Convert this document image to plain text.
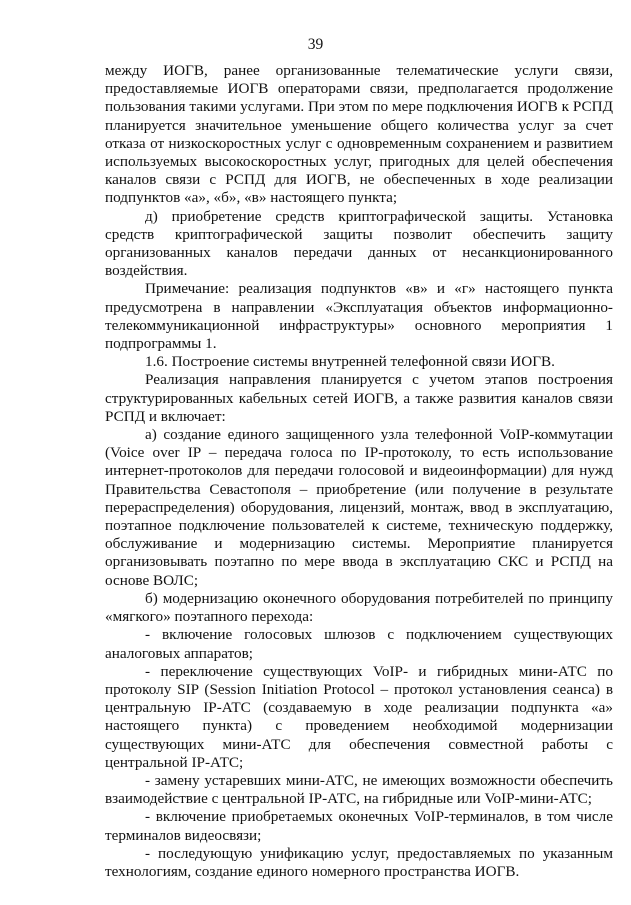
39

между ИОГВ, ранее организованные телематические услуги связи, предоставляемые ИОГВ операторами связи, предполагается продолжение пользования такими услугами. При этом по мере подключения ИОГВ к РСПД планируется значительное уменьшение общего количества услуг за счет отказа от низкоскоростных услуг с одновременным сохранением и развитием используемых высокоскоростных услуг, пригодных для целей обеспечения каналов связи с РСПД для ИОГВ, не обеспеченных в ходе реализации подпунктов «а», «б», «в» настоящего пункта;

д) приобретение средств криптографической защиты. Установка средств криптографической защиты позволит обеспечить защиту организованных каналов передачи данных от несанкционированного воздействия.

Примечание: реализация подпунктов «в» и «г» настоящего пункта предусмотрена в направлении «Эксплуатация объектов информационно-телекоммуникационной инфраструктуры» основного мероприятия 1 подпрограммы 1.

1.6. Построение системы внутренней телефонной связи ИОГВ.

Реализация направления планируется с учетом этапов построения структурированных кабельных сетей ИОГВ, а также развития каналов связи РСПД и включает:

а) создание единого защищенного узла телефонной VoIP-коммутации (Voice over IP – передача голоса по IP-протоколу, то есть использование интернет-протоколов для передачи голосовой и видеоинформации) для нужд Правительства Севастополя – приобретение (или получение в результате перераспределения) оборудования, лицензий, монтаж, ввод в эксплуатацию, поэтапное подключение пользователей к системе, техническую поддержку, обслуживание и модернизацию системы. Мероприятие планируется организовывать поэтапно по мере ввода в эксплуатацию СКС и РСПД на основе ВОЛС;

б) модернизацию оконечного оборудования потребителей по принципу «мягкого» поэтапного перехода:

- включение голосовых шлюзов с подключением существующих аналоговых аппаратов;

- переключение существующих VoIP- и гибридных мини-АТС по протоколу SIP (Session Initiation Protocol – протокол установления сеанса) в центральную IP-АТС (создаваемую в ходе реализации подпункта «а» настоящего пункта) с проведением необходимой модернизации существующих мини-АТС для обеспечения совместной работы с центральной IP-АТС;

- замену устаревших мини-АТС, не имеющих возможности обеспечить взаимодействие с центральной IP-АТС, на гибридные или VoIP-мини-АТС;

- включение приобретаемых оконечных VoIP-терминалов, в том числе терминалов видеосвязи;

- последующую унификацию услуг, предоставляемых по указанным технологиям, создание единого номерного пространства ИОГВ.
